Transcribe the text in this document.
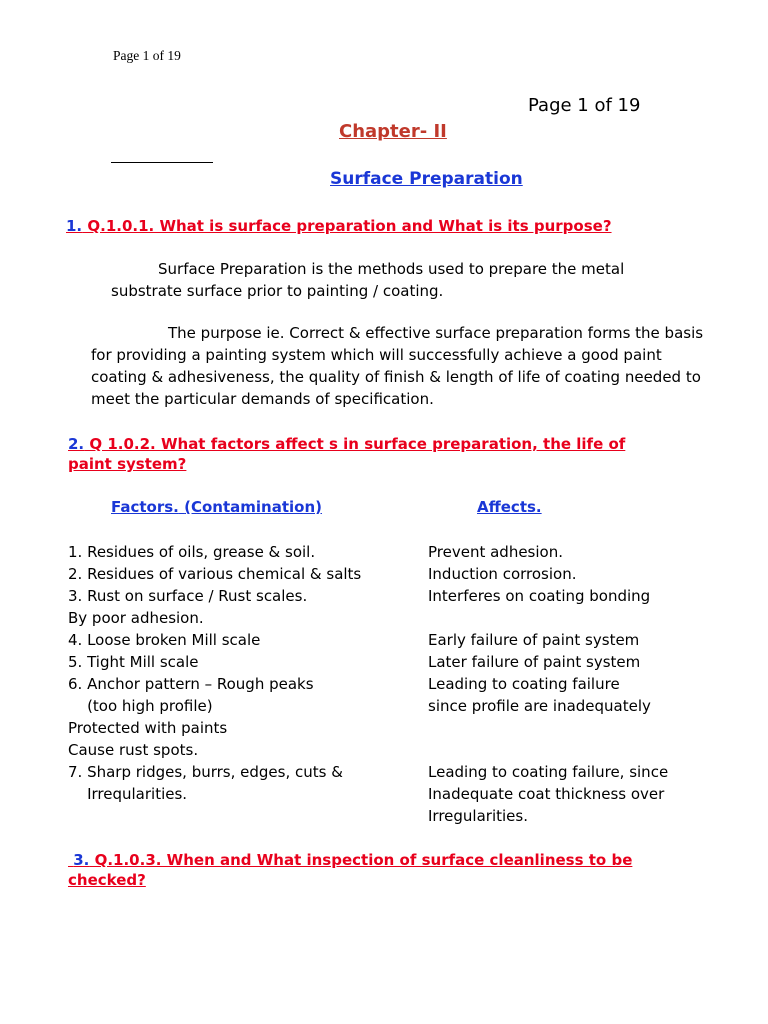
Page 1 of 19
Page 1 of 19
Chapter- II
Surface Preparation
1. Q.1.0.1. What is surface preparation and What is its purpose?
Surface Preparation is the methods used to prepare the metal
substrate surface prior to painting / coating.
The purpose ie. Correct & effective surface preparation forms the basis
for providing a painting system which will successfully achieve a good paint
coating & adhesiveness, the quality of finish & length of life of coating needed to
meet the particular demands of specification.
2. Q 1.0.2. What factors affect s in surface preparation, the life of
paint system?
Factors. (Contamination)	Affects.
1. Residues of oils, grease & soil.
2. Residues of various chemical & salts
3. Rust on surface / Rust scales.
By poor adhesion.
4. Loose broken Mill scale
5. Tight Mill scale
6. Anchor pattern – Rough peaks
(too high profile)
Protected with paints
Cause rust spots.
7. Sharp ridges, burrs, edges, cuts &
Irreqularities.
Prevent adhesion.
Induction corrosion.
Interferes on coating bonding

Early failure of paint system
Later failure of paint system
Leading to coating failure
since profile are inadequately

Leading to coating failure, since
Inadequate coat thickness over
Irregularities.
3. Q.1.0.3. When and What inspection of surface cleanliness to be
checked?
